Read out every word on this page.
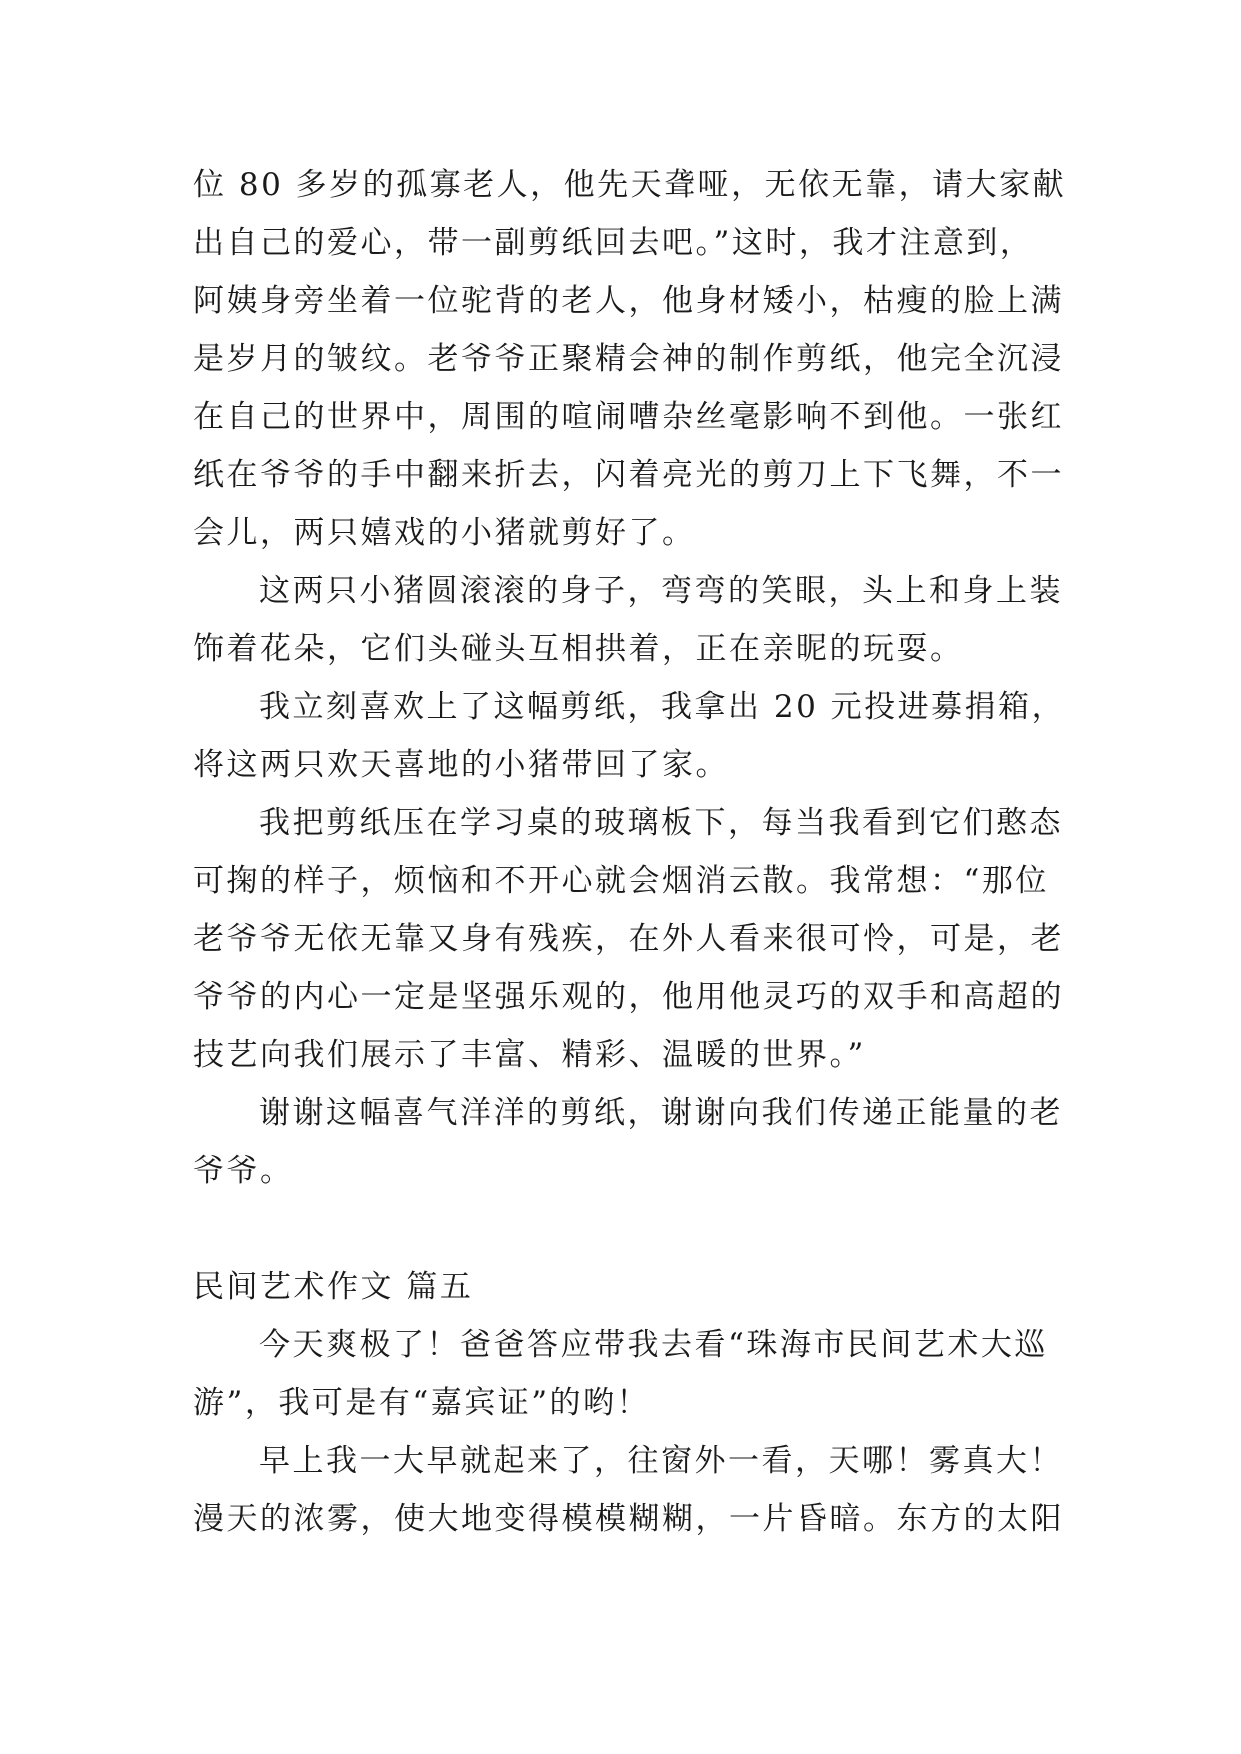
位 80 多岁的孤寡老人，他先天聋哑，无依无靠，请大家献
出自己的爱心，带一副剪纸回去吧。”这时，我才注意到，
阿姨身旁坐着一位驼背的老人，他身材矮小，枯瘦的脸上满
是岁月的皱纹。老爷爷正聚精会神的制作剪纸，他完全沉浸
在自己的世界中，周围的喧闹嘈杂丝毫影响不到他。一张红
纸在爷爷的手中翻来折去，闪着亮光的剪刀上下飞舞，不一
会儿，两只嬉戏的小猪就剪好了。
这两只小猪圆滚滚的身子，弯弯的笑眼，头上和身上装
饰着花朵，它们头碰头互相拱着，正在亲昵的玩耍。
我立刻喜欢上了这幅剪纸，我拿出 20 元投进募捐箱，
将这两只欢天喜地的小猪带回了家。
我把剪纸压在学习桌的玻璃板下，每当我看到它们憨态
可掬的样子，烦恼和不开心就会烟消云散。我常想：“那位
老爷爷无依无靠又身有残疾，在外人看来很可怜，可是，老
爷爷的内心一定是坚强乐观的，他用他灵巧的双手和高超的
技艺向我们展示了丰富、精彩、温暖的世界。”
谢谢这幅喜气洋洋的剪纸，谢谢向我们传递正能量的老
爷爷。
民间艺术作文 篇五
今天爽极了！爸爸答应带我去看“珠海市民间艺术大巡
游”，我可是有“嘉宾证”的哟！
早上我一大早就起来了，往窗外一看，天哪！雾真大！
漫天的浓雾，使大地变得模模糊糊，一片昏暗。东方的太阳
